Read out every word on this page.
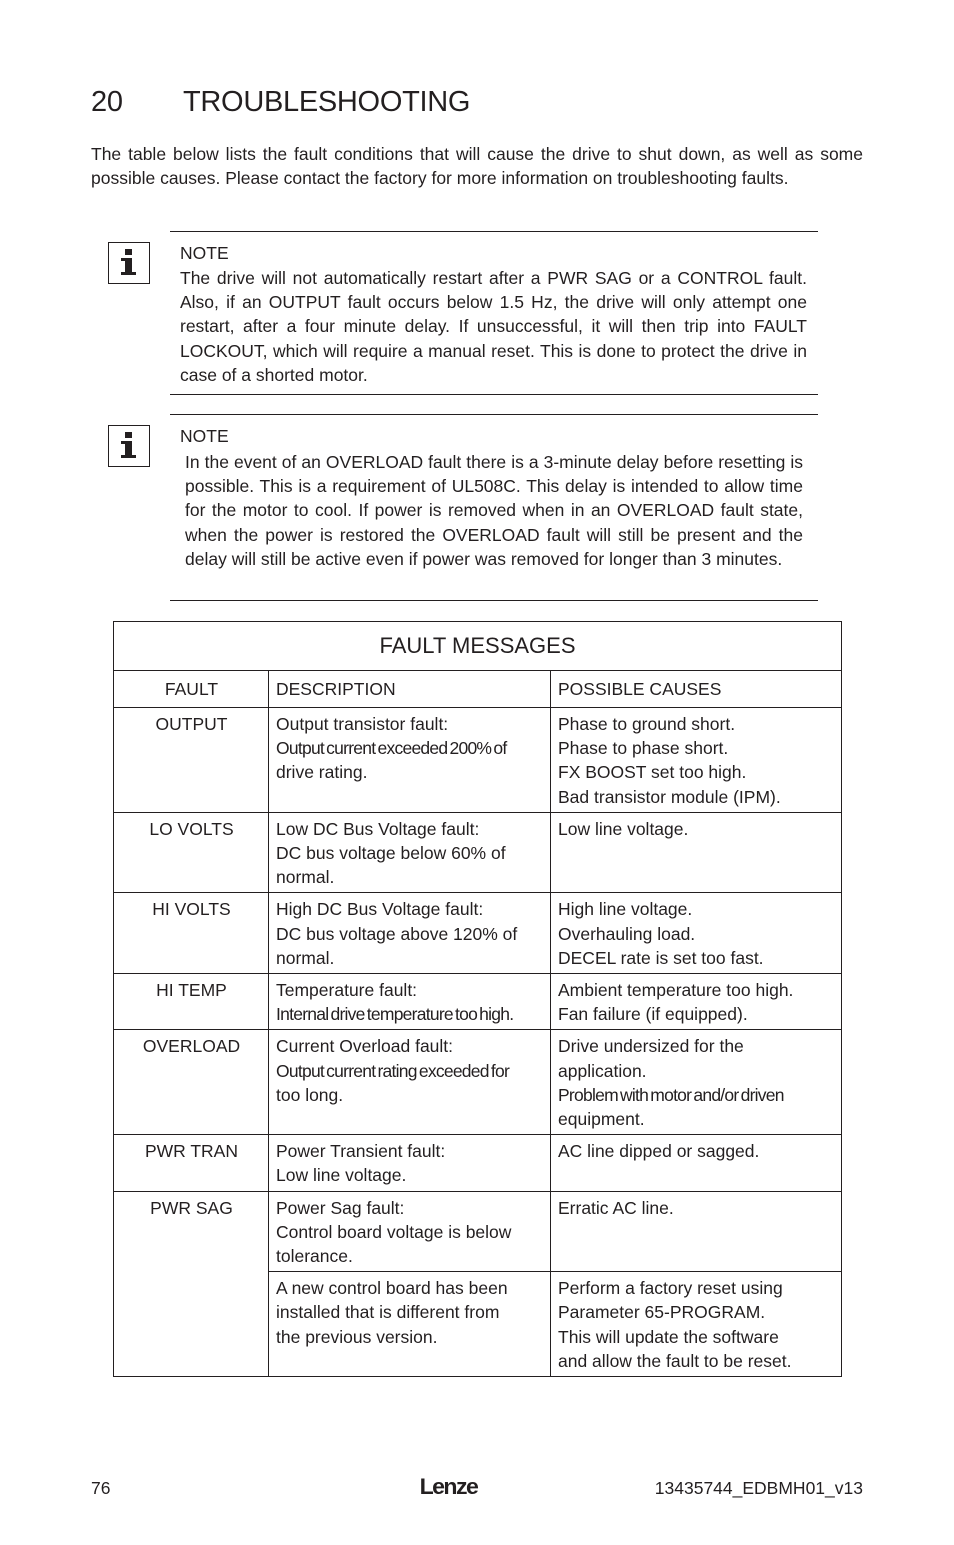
20 TROUBLESHOOTING

The table below lists the fault conditions that will cause the drive to shut down, as well as some possible causes. Please contact the factory for more information on troubleshooting faults.

NOTE

The drive will not automatically restart after a PWR SAG or a CONTROL fault. Also, if an OUTPUT fault occurs below 1.5 Hz, the drive will only attempt one restart, after a four minute delay. If unsuccessful, it will then trip into FAULT LOCKOUT, which will require a manual reset. This is done to protect the drive in case of a shorted motor.

NOTE

In the event of an OVERLOAD fault there is a 3-minute delay before resetting is possible. This is a requirement of UL508C. This delay is intended to allow time for the motor to cool. If power is removed when in an OVERLOAD fault state, when the power is restored the OVERLOAD fault will still be present and the delay will still be active even if power was removed for longer than 3 minutes.

FAULT MESSAGES		
FAULT	DESCRIPTION	POSSIBLE CAUSES
OUTPUT	Output transistor fault:
Output current exceeded 200% of
drive rating.	Phase to ground short.
Phase to phase short.
FX BOOST set too high.
Bad transistor module (IPM).

LO VOLTS	Low DC Bus Voltage fault:
DC bus voltage below 60% of
normal.	Low line voltage.

HI VOLTS	High DC Bus Voltage fault:
DC bus voltage above 120% of
normal.	High line voltage.
Overhauling load.
DECEL rate is set too fast.

HI TEMP	Temperature fault:
Internal drive temperature too high.	Ambient temperature too high.
Fan failure (if equipped).

OVERLOAD	Current Overload fault:
Output current rating exceeded for
too long.	Drive undersized for the
application.
Problem with motor and/or driven
equipment.

PWR TRAN	Power Transient fault:
Low line voltage.	AC line dipped or sagged.

PWR SAG	Power Sag fault:
Control board voltage is below
tolerance.	Erratic AC line.

	A new control board has been
installed that is different from
the previous version.	Perform a factory reset using
Parameter 65-PROGRAM.
This will update the software
and allow the fault to be reset.
76	Lenze	13435744_EDBMH01_v13
